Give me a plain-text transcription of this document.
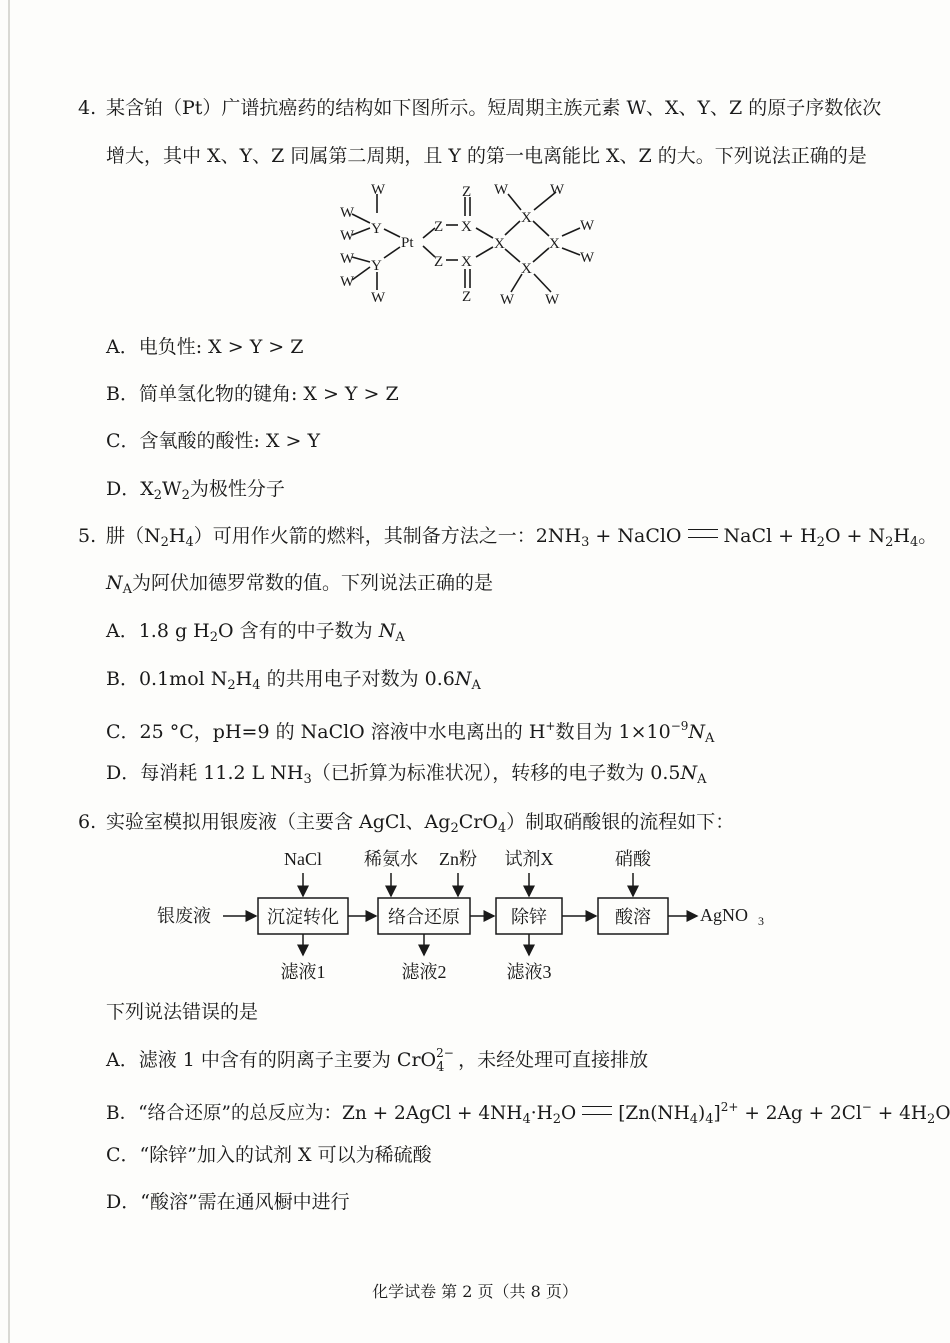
4. 某含铂（Pt）广谱抗癌药的结构如下图所示。短周期主族元素 W、X、Y、Z 的原子序数依次
增大，其中 X、Y、Z 同属第二周期，且 Y 的第一电离能比 X、Z 的大。下列说法正确的是
W
W
Y
W	Pt
W Y
W
W
Z
Z
Z
X
X
Z
X
X
X
X
W	W
W
W
W W
A．电负性: X > Y > Z
B．简单氢化物的键角: X > Y > Z
C．含氧酸的酸性: X > Y
D．$X_2W_2$为极性分子
5. 肼$(N_2H_4)$可用作火箭的燃料，其制备方法之一：$2NH_3$ + NaClO NaCl + $H_2O + N_2H_4$。
$N_A$为阿伏加德罗常数的值。下列说法正确的是
A．1.8 g $H_2O$ 含有的中子数为 $N_A$
B．0.1mol $N_2H_4$ 的共用电子对数为 $0.6N_A$
C．25 °C，pH=9 的 NaClO 溶液中水电离出的 H+数目为 $1\times 10^{-9}N_A$
D．每消耗 11.2 L $NH_3$（已折算为标准状况），转移的电子数为 $0.5N_A$
6. 实验室模拟用银废液（主要含 AgCl、$Ag_2CrO_4$）制取硝酸银的流程如下：
银废液	沉淀转化	络合还原	除锌	酸溶
NaCl 稀氨水 Zn粉 试剂X	硝酸
滤液1	滤液2	滤液3
AgNO 3
下列说法错误的是
A．滤液 1 中含有的阴离子主要为 CrO 2−
4 ，未经处理可直接排放
B．“络合还原”的总反应为：Zn + 2AgCl + $4NH_4\cdot H_2O$ $[Zn(NH_4)_4]^{2+} + 2Ag + 2Cl^- + 4H_2O$
C．“除锌”加入的试剂 X 可以为稀硫酸
D．“酸溶”需在通风橱中进行
化学试卷 第 2 页（共 8 页）
